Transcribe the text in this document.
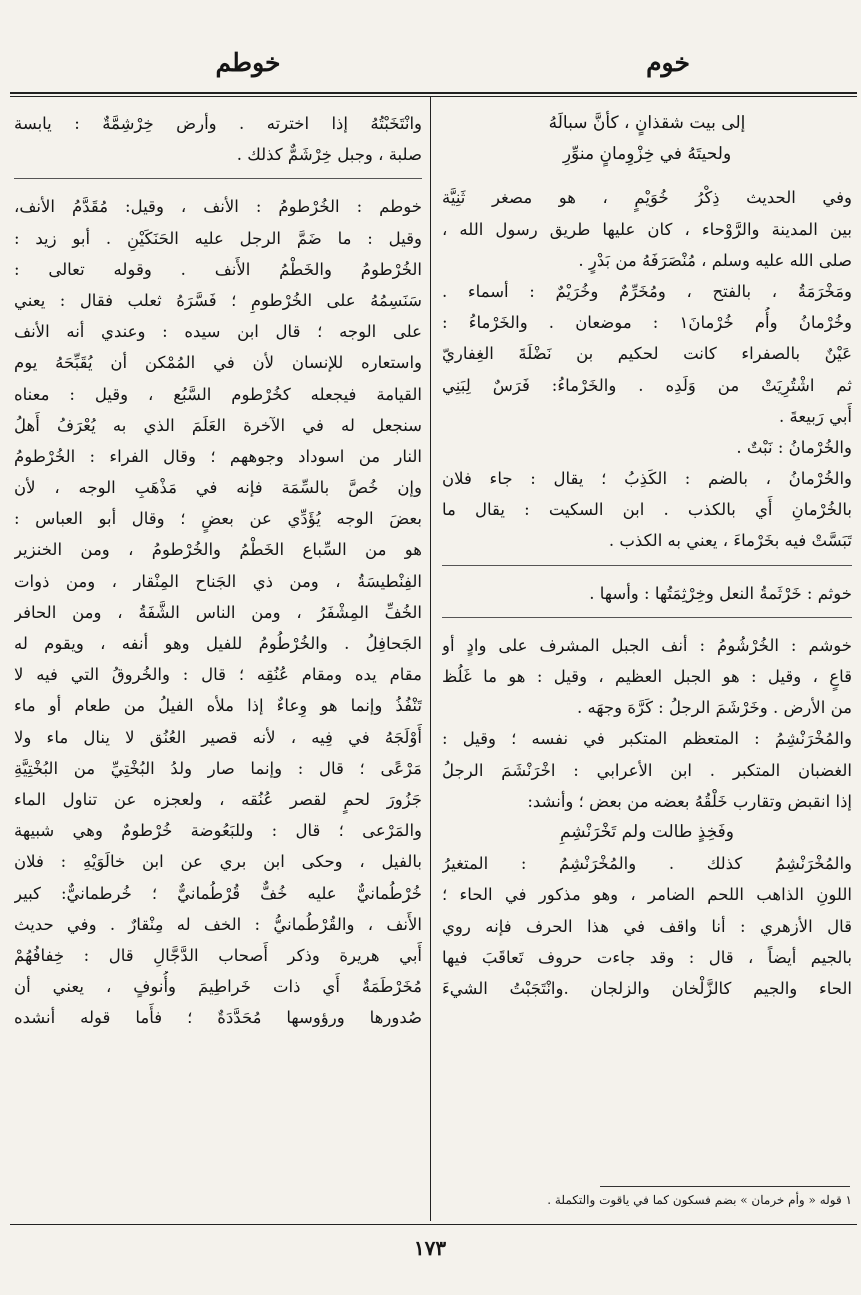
خوم
خوطم
إلى بيت شقذانٍ ، كأنَّ سبالَهُ
ولحيتَهُ في خِزْوِمانٍ منوِّرِ
وفي الحديث ذِكْرُ خُوَيْمٍ ، هو مصغر ثَنِيَّة
بين المدينة والرَّوْحاء ، كان عليها طريق رسول الله ،
صلى الله عليه وسلم ، مُنْصَرَفَهُ من بَدْرٍ .
ومَخْرَمَةُ ، بالفتح ، ومُخَرِّمٌ وخُرَيْمٌ : أسماء .
وخُرْمانُ وأُم خُرْمانَ١ : موضعان . والخَرْماءُ :
عَيْنٌ بالصفراء كانت لحكيم بن نَضْلَةَ الغِفاريّ
ثم اشْتُرِيَتْ من وَلَدِه . والخَرْماءُ: فَرَسٌ لِبَنِي
أَبي رَبيعةَ .
والخُرْمانُ : نَبْتٌ .
والخُرْمانُ ، بالضم : الكَذِبُ ؛ يقال : جاء فلان
بالخُرْمانِ أَي بالكذب . ابن السكيت : يقال ما
تَبَسَّتْ فيه بخَرْماءَ ، يعني به الكذب .
خوثم : خَرْثَمةُ النعل وخِرْثِمَتُها : وأسها .
خوشم : الخُرْشُومُ : أنف الجبل المشرف على وادٍ أو
قاعٍ ، وقيل : هو الجبل العظيم ، وقيل : هو ما غَلُظ
من الأرض . وخَرْشَمَ الرجلُ : كَرَّهَ وجهَه .
والمُخْرَنْشِمُ : المتعظم المتكبر في نفسه ؛ وقيل :
الغضبان المتكبر . ابن الأعرابي : اخْرَنْشَمَ الرجلُ
إذا انقبض وتقارب خَلْقُهُ بعضه من بعض ؛ وأنشد:
وفَخِذٍ طالت ولم تَخْرَنْشِمِ
والمُخْرَنْشِمُ كذلك . والمُخْرَنْشِمُ : المتغيرُ
اللونِ الذاهب اللحم الضامر ، وهو مذكور في الحاء ؛
قال الأزهري : أنا واقف في هذا الحرف فإنه روي
بالجيم أيضاً ، قال : وقد جاءت حروف تَعاقَبَ فيها
الحاء والجيم كالزَّلْخان والزلجان .وانْتَجَبْتُ الشيءَ
وانْتَخَبْتُهُ إذا اخترته . وأرض خِرْشِمَّةٌ : يابسة
صلبة ، وجبل خِرْشَمٌّ كذلك .
خوطم : الخُرْطومُ : الأنف ، وقيل: مُقَدَّمُ الأنف،
وقيل : ما ضَمَّ الرجل عليه الحَنَكَيْنِ . أبو زيد :
الخُرْطومُ والخَطْمُ الأَنف . وقوله تعالى :
سَنَسِمُهُ على الخُرْطومِ ؛ فَسَّرَهُ ثعلب فقال : يعني
على الوجه ؛ قال ابن سيده : وعندي أنه الأنف
واستعاره للإنسان لأن في المُمْكن أن يُقَبِّحَهُ يوم
القيامة فيجعله كخُرْطوم السَّبُع ، وقيل : معناه
سنجعل له في الآخرة العَلَمَ الذي به يُعْرَفُ أَهلُ
النار من اسوداد وجوههم ؛ وقال الفراء : الخُرْطومُ
وإن خُصَّ بالسِّمَة فإنه في مَذْهَبِ الوجه ، لأن
بعضَ الوجه يُؤَدِّي عن بعضٍ ؛ وقال أبو العباس :
هو من السِّباع الخَطْمُ والخُرْطومُ ، ومن الخنزير
الفِنْطيسَةُ ، ومن ذي الجَناح المِنْقار ، ومن ذوات
الخُفِّ المِشْفَرُ ، ومن الناس الشَّفَةُ ، ومن الحافر
الجَحافِلُ . والخُرْطُومُ للفيل وهو أنفه ، ويقوم له
مقام يده ومقام عُنُقِه ؛ قال : والخُروقُ التي فيه لا
تَنْفُذُ وإنما هو وِعاءٌ إذا ملأه الفيلُ من طعام أو ماء
أَوْلَجَهُ في فِيه ، لأنه قصير العُنُق لا ينال ماء ولا
مَرْعًى ؛ قال : وإنما صار ولدُ البُخْتِيِّ من البُخْتِيَّةِ
جَزُورَ لحمٍ لقصر عُنُقه ، ولعجزه عن تناول الماء
والمَرْعى ؛ قال : وللبَعُوضة خُرْطومٌ وهي شبيهة
بالفيل ، وحكى ابن بري عن ابن خالَوَيْهِ : فلان
خُرْطُمانيٌّ عليه خُفٌّ قُرْطُمانيٌّ ؛ خُرطمانيٌّ: كبير
الأَنف ، والقُرْطُمانيُّ : الخف له مِنْقارٌ . وفي حديث
أَبي هريرة وذكر أَصحاب الدَّجَّالِ قال : خِفافُهُمْ
مُخَرْطَمَةٌ أَي ذات خَراطِيمَ وأُنوفٍ ، يعني أن
صُدورها ورؤوسها مُحَدَّدَةٌ ؛ فأَما قوله أنشده
١ قوله « وأم خرمان » بضم فسكون كما في ياقوت والتكملة .
١٧٣
